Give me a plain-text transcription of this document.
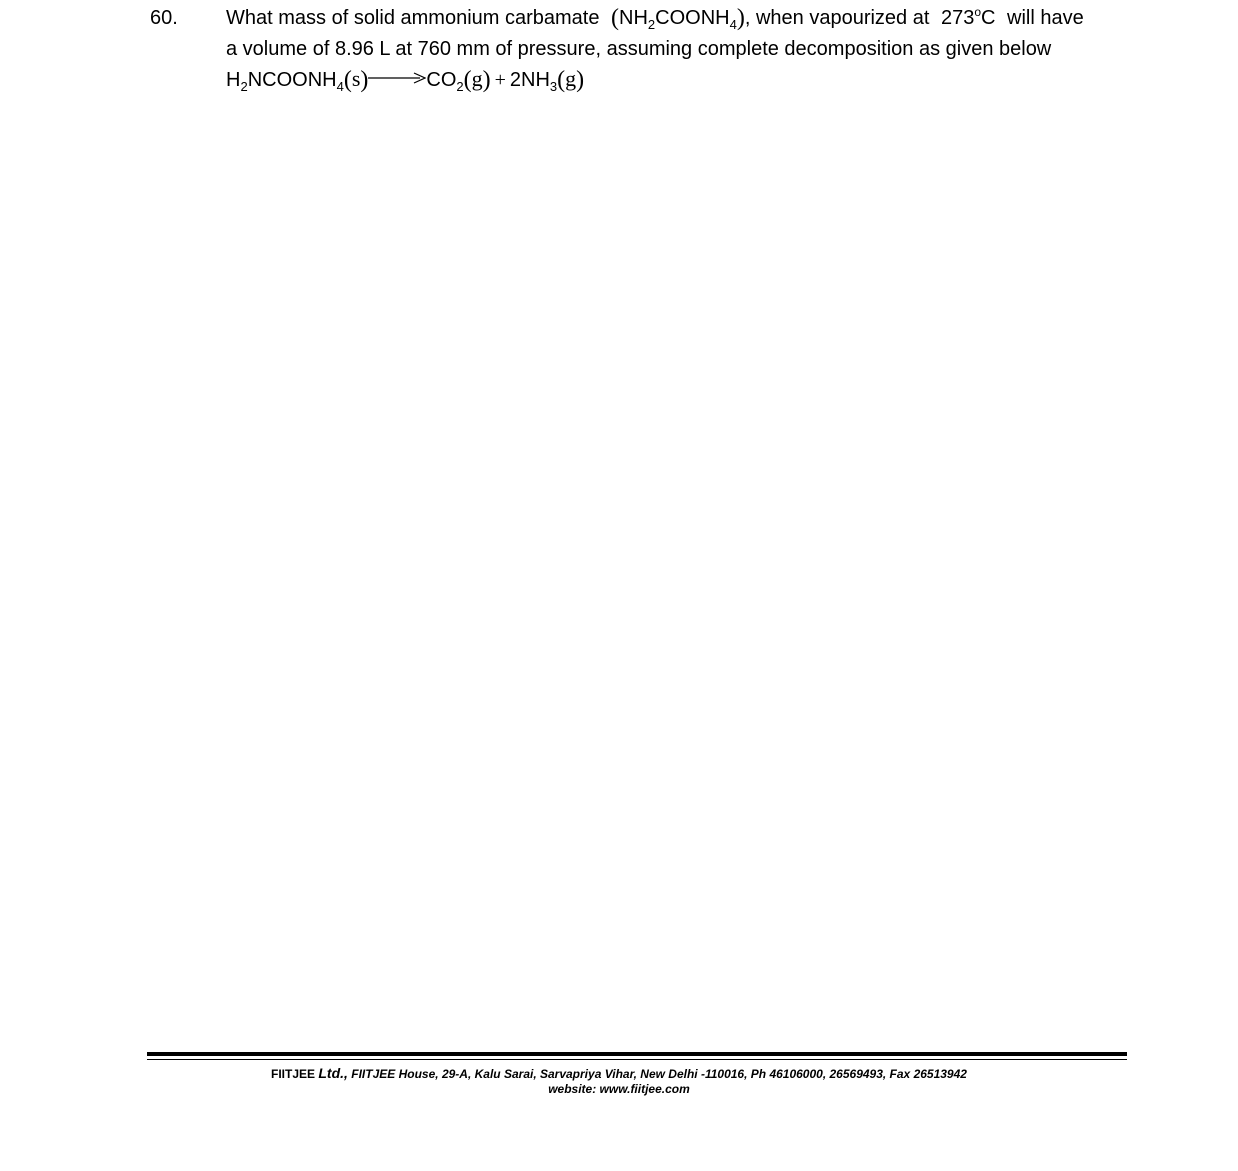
60. What mass of solid ammonium carbamate $(NH_2COONH_4)$, when vapourized at 273$^o$C will have
a volume of 8.96 L at 760 mm of pressure, assuming complete decomposition as given below
$H_2NCOONH_4(s)\to CO_2(g) + 2NH_3(g)$
FIITJEE Ltd., FIITJEE House, 29-A, Kalu Sarai, Sarvapriya Vihar, New Delhi -110016, Ph 46106000, 26569493, Fax 26513942
website: www.fiitjee.com
